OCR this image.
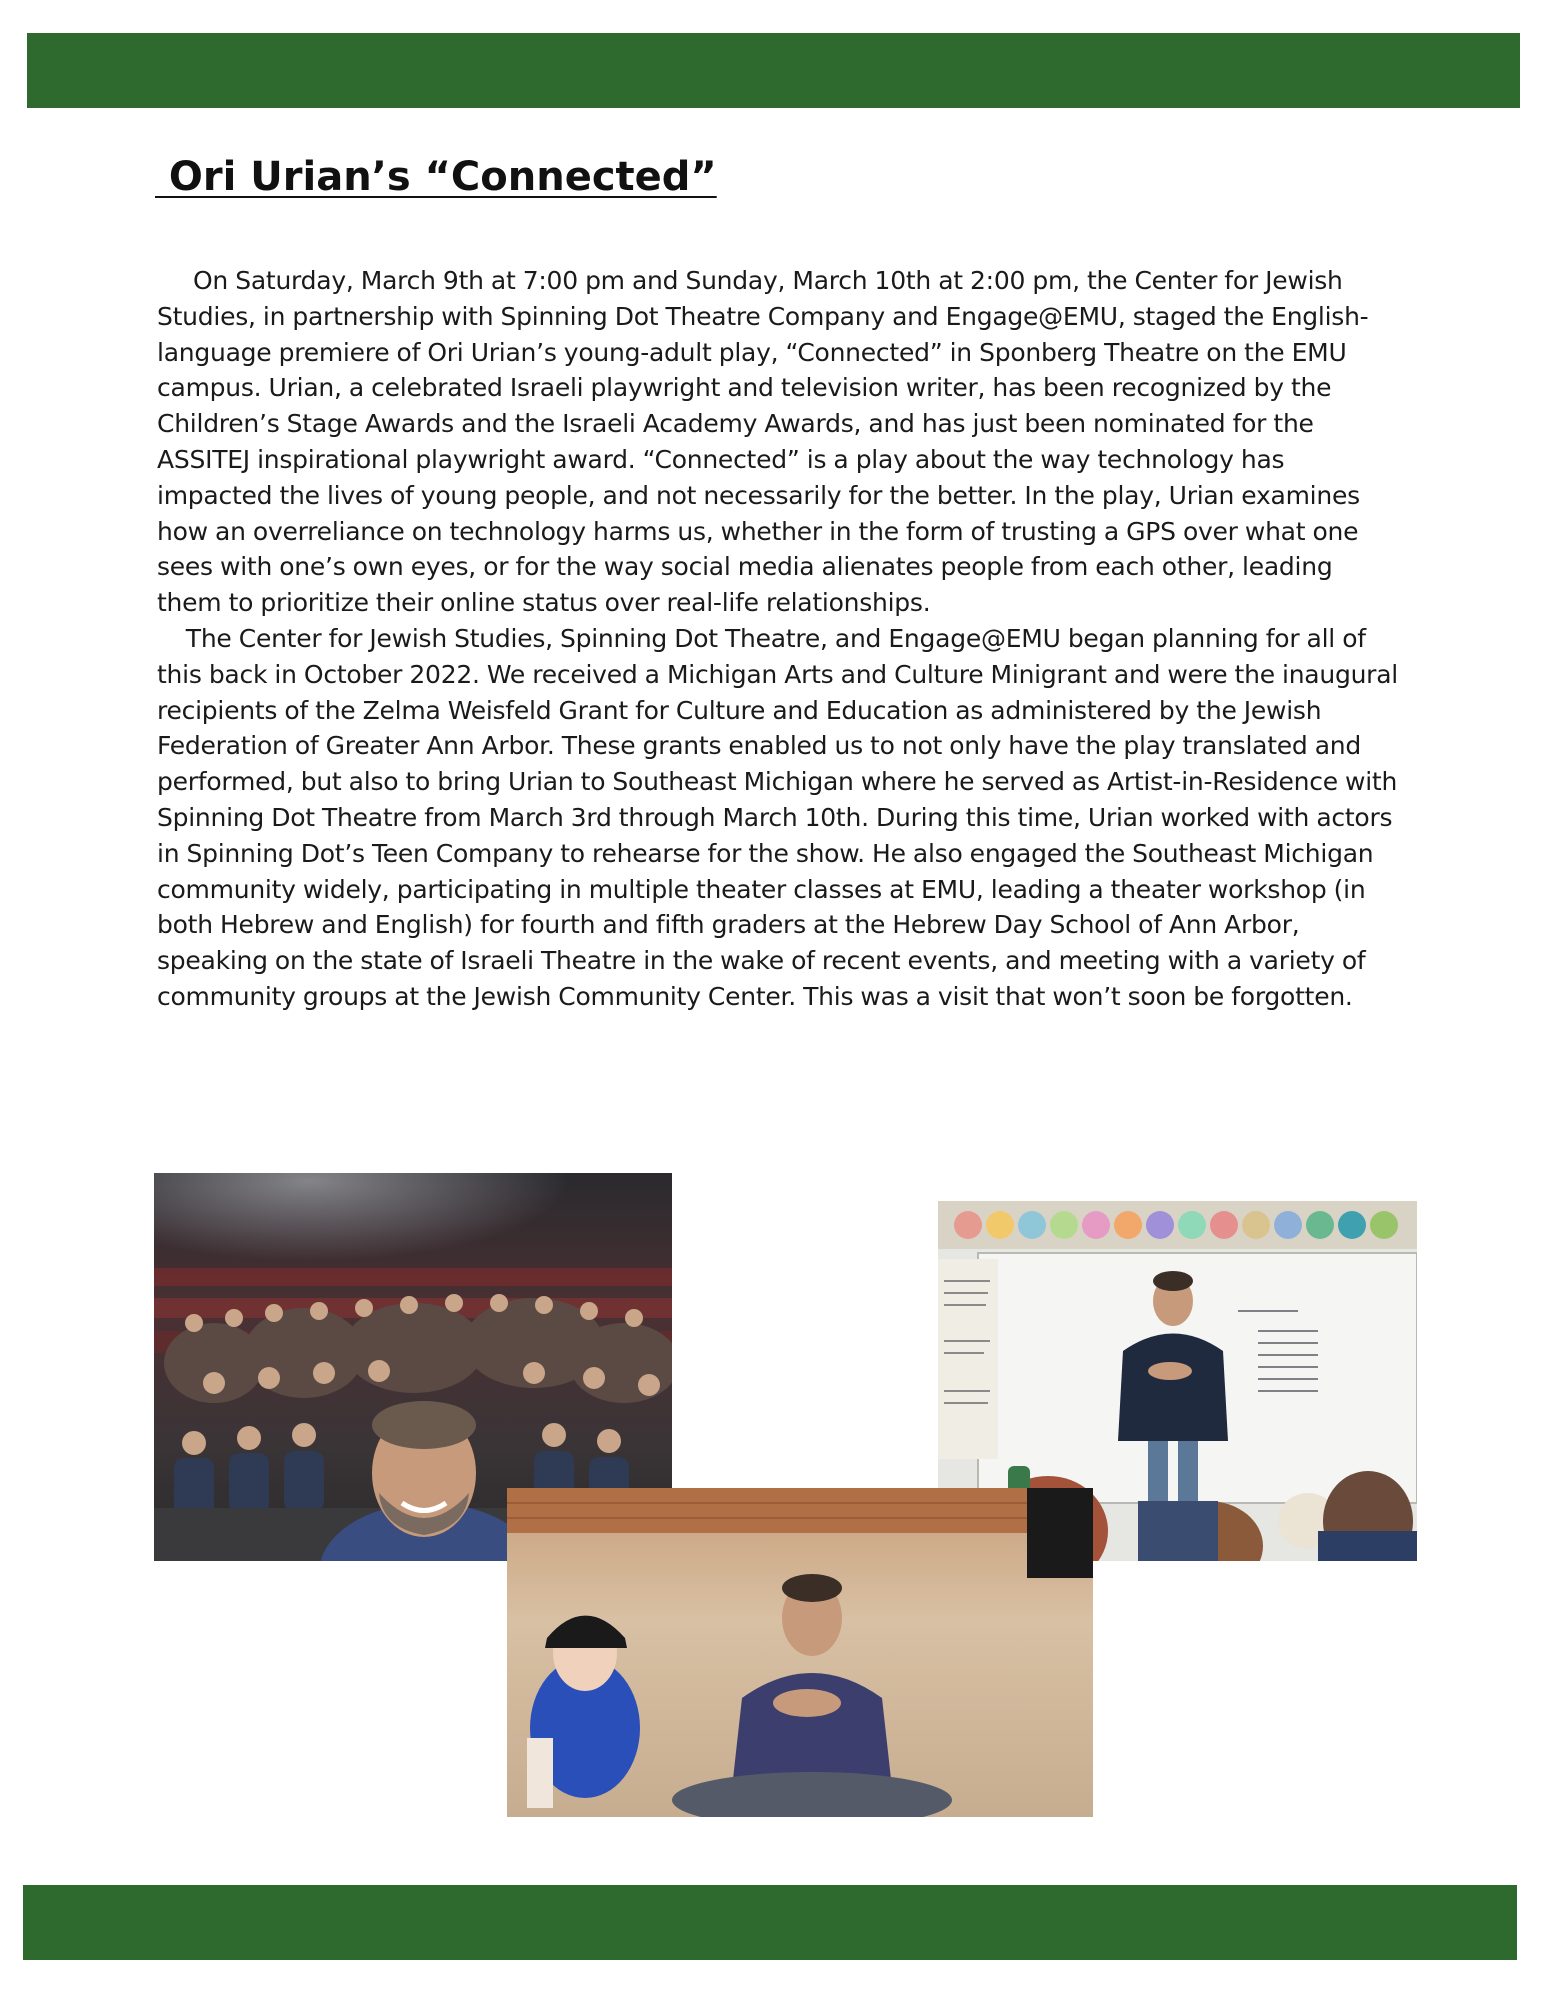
Ori Urian’s “Connected”

On Saturday, March 9th at 7:00 pm and Sunday, March 10th at 2:00 pm, the Center for Jewish Studies, in partnership with Spinning Dot Theatre Company and Engage@EMU, staged the English-language premiere of Ori Urian’s young-adult play, “Connected” in Sponberg Theatre on the EMU campus. Urian, a celebrated Israeli playwright and television writer, has been recognized by the Children’s Stage Awards and the Israeli Academy Awards, and has just been nominated for the ASSITEJ inspirational playwright award. “Connected” is a play about the way technology has impacted the lives of young people, and not necessarily for the better. In the play, Urian examines how an overreliance on technology harms us, whether in the form of trusting a GPS over what one sees with one’s own eyes, or for the way social media alienates people from each other, leading them to prioritize their online status over real-life relationships.

The Center for Jewish Studies, Spinning Dot Theatre, and Engage@EMU began planning for all of this back in October 2022. We received a Michigan Arts and Culture Minigrant and were the inaugural recipients of the Zelma Weisfeld Grant for Culture and Education as administered by the Jewish Federation of Greater Ann Arbor. These grants enabled us to not only have the play translated and performed, but also to bring Urian to Southeast Michigan where he served as Artist-in-Residence with Spinning Dot Theatre from March 3rd through March 10th. During this time, Urian worked with actors in Spinning Dot’s Teen Company to rehearse for the show. He also engaged the Southeast Michigan community widely, participating in multiple theater classes at EMU, leading a theater workshop (in both Hebrew and English) for fourth and fifth graders at the Hebrew Day School of Ann Arbor, speaking on the state of Israeli Theatre in the wake of recent events, and meeting with a variety of community groups at the Jewish Community Center. This was a visit that won’t soon be forgotten.
